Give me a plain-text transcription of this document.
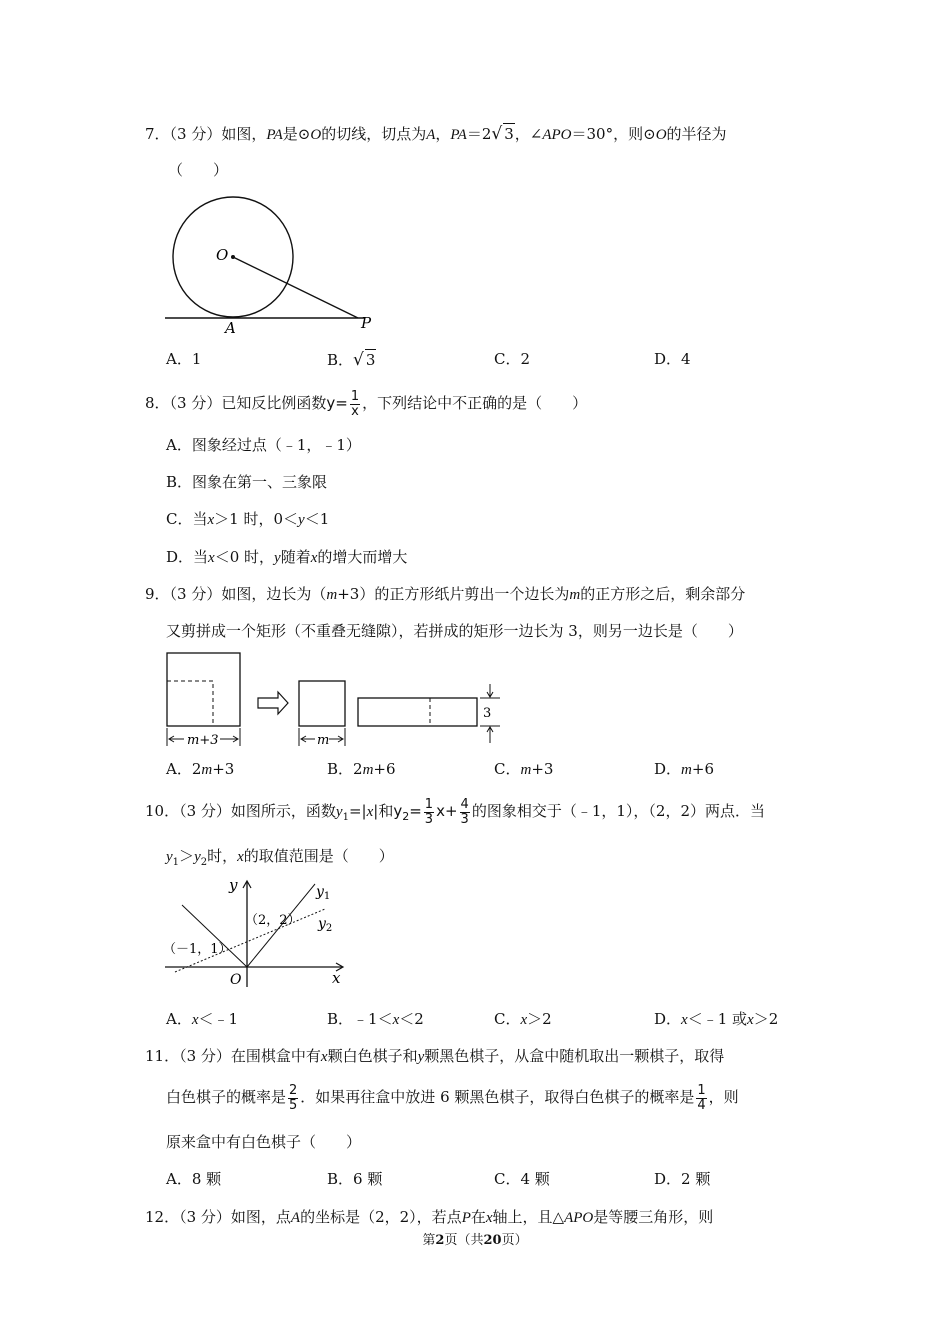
7．（3 分）如图，PA是⊙O的切线，切点为A，PA＝2√ 3，∠APO＝30°，则⊙O的半径为
（　　）
O
A	P
A．1	B．√ 3	C．2	D．4
8．（3 分）已知反比例函数$y= \frac{1}{x}$ ，下列结论中不正确的是（　　）
A．图象经过点（﹣1，﹣1）
B．图象在第一、三象限
C．当x＞1 时，0＜y＜1
D．当x＜0 时，y随着x的增大而增大
9．（3 分）如图，边长为（m+3）的正方形纸片剪出一个边长为m的正方形之后，剩余部分
又剪拼成一个矩形（不重叠无缝隙），若拼成的矩形一边长为 3，则另一边长是（　　）
m+3	m
3
A．2m+3	B．2m+6	C．m+3	D．m+6
10．（3 分）如图所示，函数$y_1=|x|$和$y_2= \frac{1}{3} x+ \frac{4}{3}$ 的图象相交于（﹣1，1），（2，2）两点．当
$y_1>y_2$时，x的取值范围是（　　）
y
x
O
$y_1$
$y_2$
（2，2）
（－1，1）
A．x＜﹣1	B．﹣1＜x＜2	C．x＞2	D．x＜﹣1 或x＞2
11．（3 分）在围棋盒中有x颗白色棋子和y颗黑色棋子，从盒中随机取出一颗棋子，取得
白色棋子的概率是 $\frac{2}{5}$ ．如果再往盒中放进 6 颗黑色棋子，取得白色棋子的概率是 $\frac{1}{4}$ ，则
原来盒中有白色棋子（　　）
A．8 颗	B．6 颗	C．4 颗	D．2 颗
12．（3 分）如图，点A的坐标是（2，2），若点P在x轴上，且△APO是等腰三角形，则
第2页（共20页）
